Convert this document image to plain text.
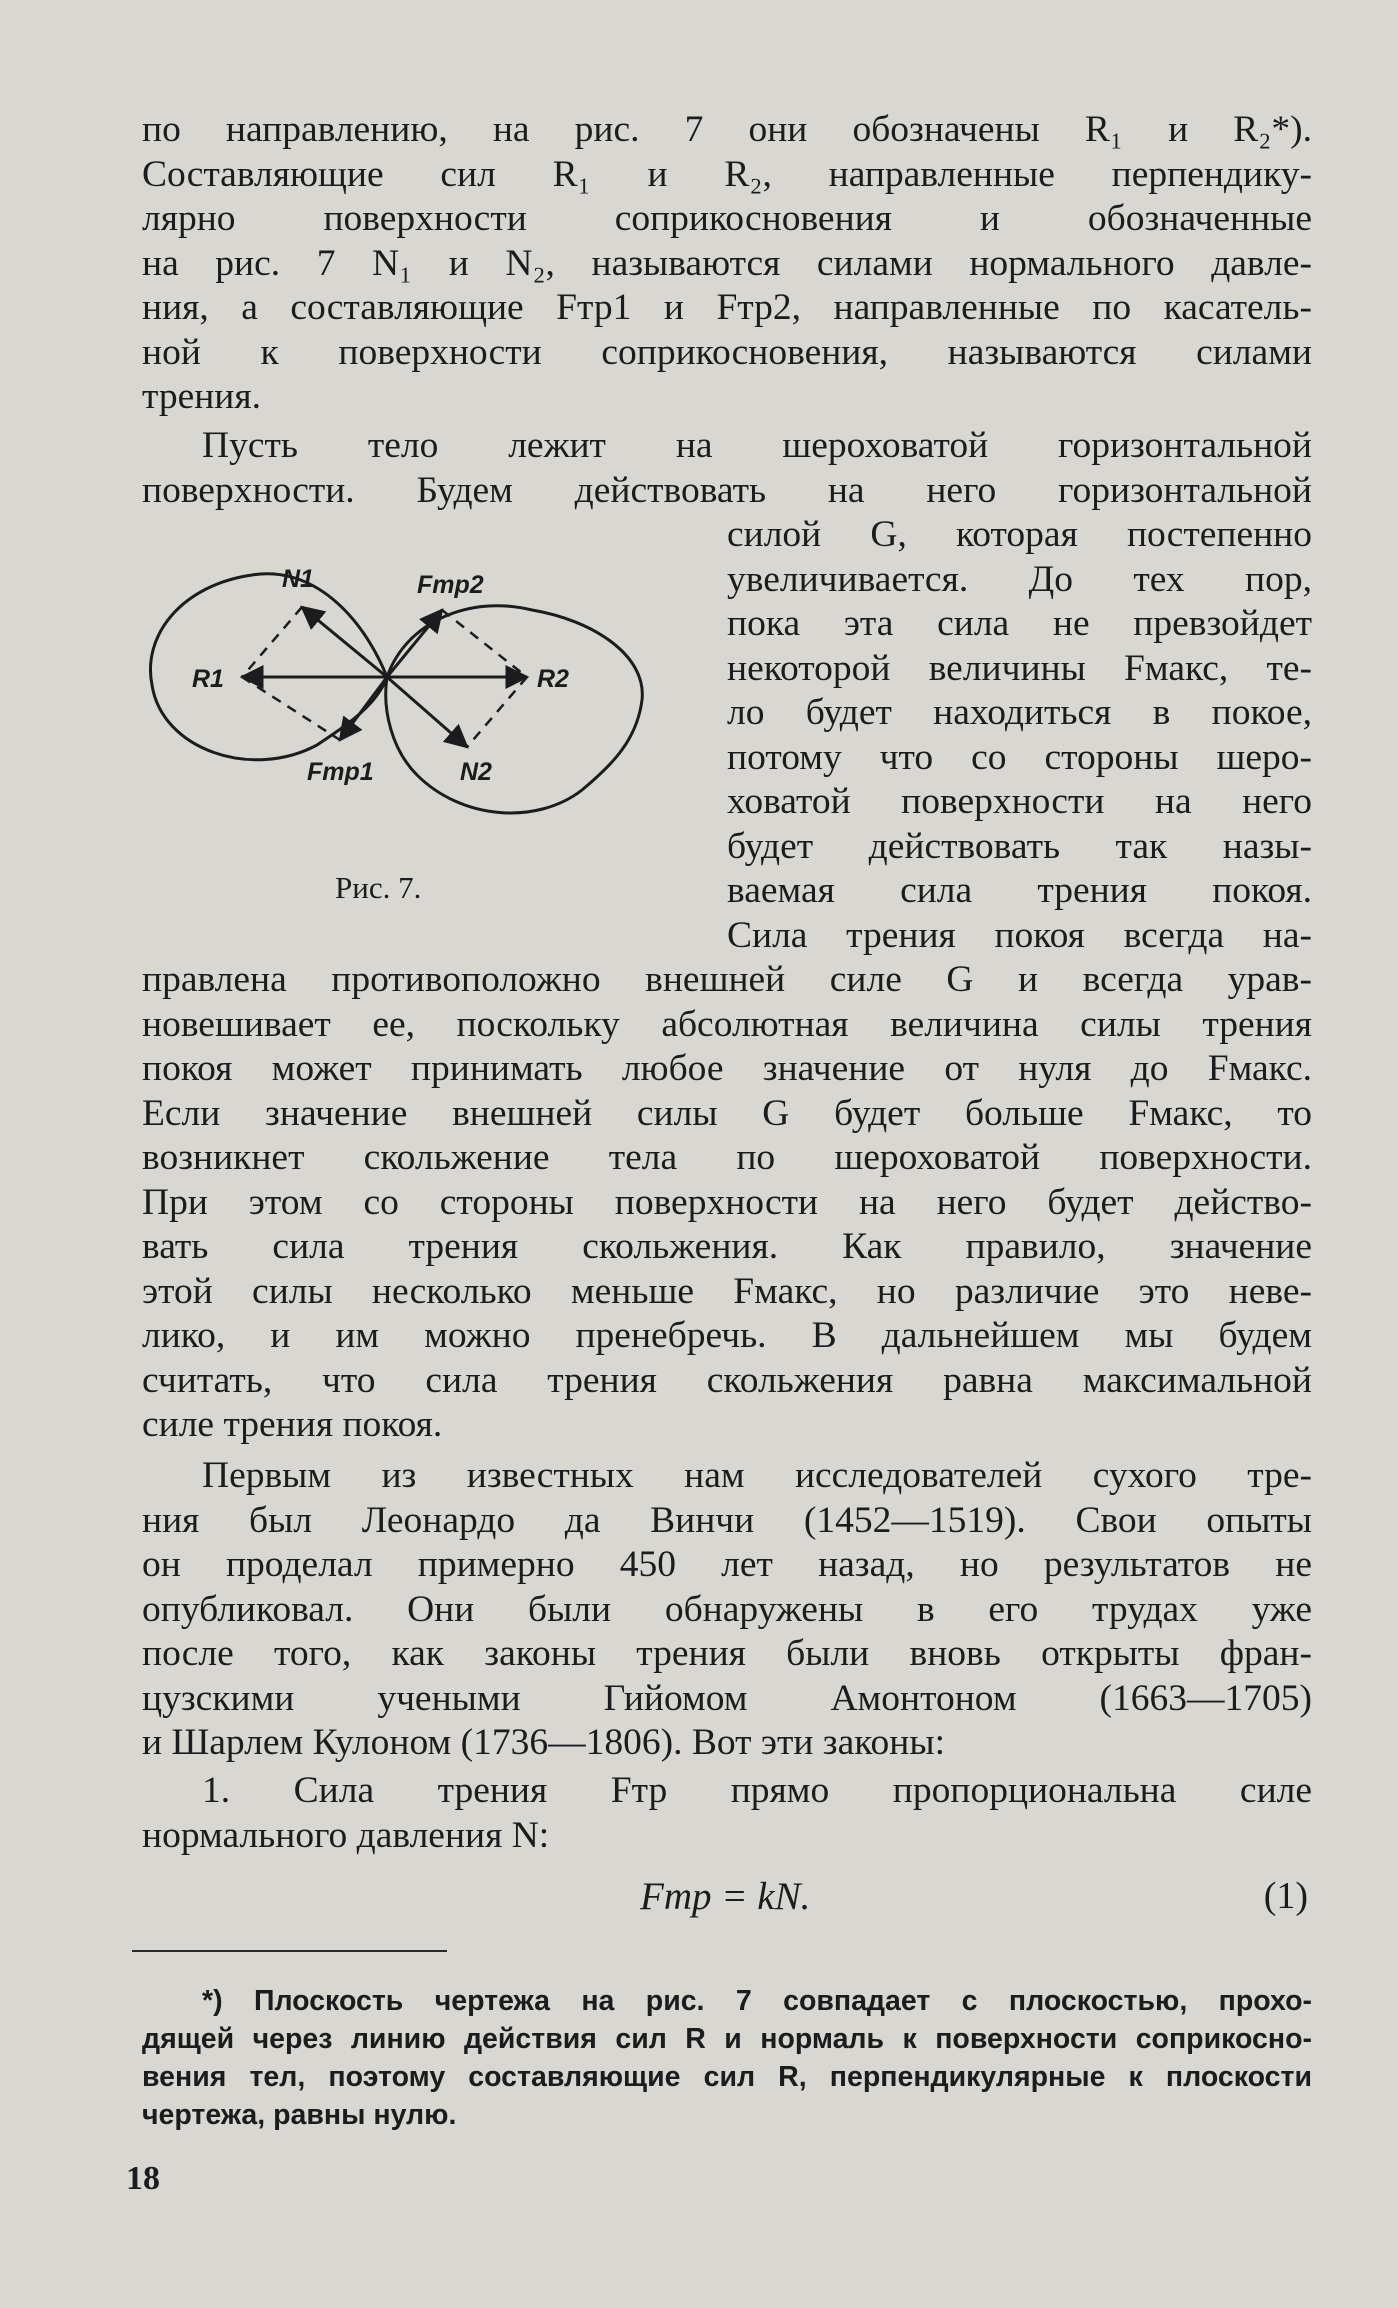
по направлению, на рис. 7 они обозначены R₁ и R₂*).
Составляющие сил R₁ и R₂, направленные перпендику-
лярно поверхности соприкосновения и обозначенные
на рис. 7 N₁ и N₂, называются силами нормального давле-
ния, а составляющие Fтр1 и Fтр2, направленные по касатель-
ной к поверхности соприкосновения, называются силами
трения.
Пусть тело лежит на шероховатой горизонтальной
поверхности. Будем действовать на него горизонтальной
силой G, которая постепенно
увеличивается. До тех пор,
пока эта сила не превзойдет
некоторой величины Fмакс, те-
ло будет находиться в покое,
потому что со стороны шеро-
ховатой поверхности на него
будет действовать так назы-
ваемая сила трения покоя.
Сила трения покоя всегда на-
N1	Fтр2
R1	R2
Fтр1	N2
Рис. 7.
правлена противоположно внешней силе G и всегда урав-
новешивает ее, поскольку абсолютная величина силы трения
покоя может принимать любое значение от нуля до Fмакс.
Если значение внешней силы G будет больше Fмакс, то
возникнет скольжение тела по шероховатой поверхности.
При этом со стороны поверхности на него будет действо-
вать сила трения скольжения. Как правило, значение
этой силы несколько меньше Fмакс, но различие это неве-
лико, и им можно пренебречь. В дальнейшем мы будем
считать, что сила трения скольжения равна максимальной
силе трения покоя.
Первым из известных нам исследователей сухого тре-
ния был Леонардо да Винчи (1452—1519). Свои опыты
он проделал примерно 450 лет назад, но результатов не
опубликовал. Они были обнаружены в его трудах уже
после того, как законы трения были вновь открыты фран-
цузскими учеными Гийомом Амонтоном (1663—1705)
и Шарлем Кулоном (1736—1806). Вот эти законы:
1. Сила трения Fтр прямо пропорциональна силе
нормального давления N:
Fтр = kN.	(1)
*) Плоскость чертежа на рис. 7 совпадает с плоскостью, прохо-
дящей через линию действия сил R и нормаль к поверхности соприкосно-
вения тел, поэтому составляющие сил R, перпендикулярные к плоскости
чертежа, равны нулю.
18
